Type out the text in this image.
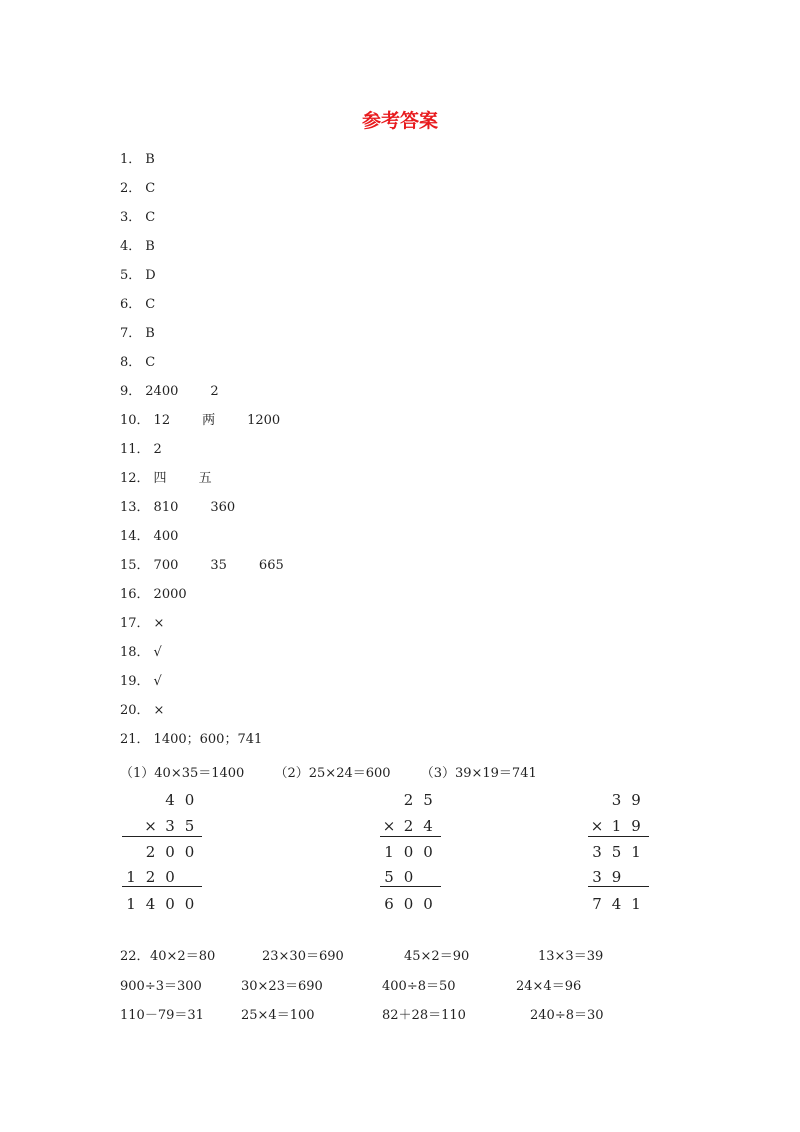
参考答案
1． B
2． C
3． C
4． B
5． D
6． C
7． B
8． C
9． 2400 2
10． 12 两 1200
11． 2
12． 四 五
13． 810 360
14． 400
15． 700 35 665
16． 2000
17． ×
18． √
19． √
20． ×
21． 1400；600；741
（1）40×35＝1400 （2）25×24＝600 （3）39×19＝741
4 0
× 3 5
2 0 0
1 2 0
1 4 0 0
2 5
× 2 4
1 0 0
5 0
6 0 0
3 9
× 1 9
3 5 1
3 9
7 4 1
22． 40×2＝80	23×30＝690	45×2＝90	13×3＝39
900÷3＝300	30×23＝690	400÷8＝50	24×4＝96
110－79＝31	25×4＝100	82＋28＝110	240÷8＝30
